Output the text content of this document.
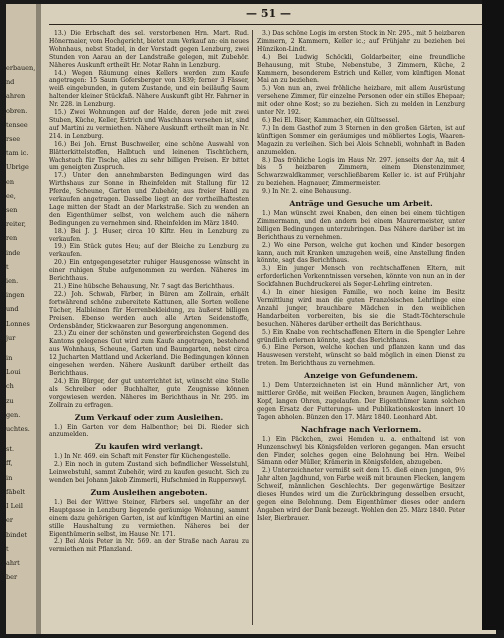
erbauen,
nd
ahren
obren.
tensee
rsee
tam ic.
Ubrige
en
ee,
sen
reiter,
ren
inde
t
ien.
ingen
und
Lonnes
jur
in
Loui
ch
zu
gen.
uchtes.
st.
ff,
in
fäbelt
I Leil
er
bindet
t
ahrt
ber
— 51 —
13.) Die Erbschaft des sel. verstorbenen Hrn. Mart. Rud. Hönermaier, vom Hochgericht, bietet zum Verkauf an: ein neues Wohnhaus, nebst Stadel, in der Vorstadt gegen Lenzburg, zwei Stunden von Aarau an der Landstraße gelegen, mit Zubehör. Näheres Auskunft ertheilt Hr. Notar Rahn in Lenzburg.
14.) Wegen Räumung eines Kellers werden zum Kaufe angetragen: 15 Saum Gofersberger von 1839; ferner 3 Fässer, weiß eingebunden, in gutem Zustande, und ein beiläufig Saum haltender kleiner Stückfaß. Nähere Auskunft gibt Hr. Fahrner in Nr. 228. in Lenzburg.
15.) Zwei Wohnungen auf der Halde, deren jede mit zwei Stuben, Küche, Keller, Estrich und Waschhaus versehen ist, sind auf Martini zu vermiethen. Nähere Auskunft ertheilt man in Nr. 214. in Lenzburg.
16.) Bei Joh. Ernst Buschweiler, eine schöne Auswahl von Blätterkittelstoffen, Halbtuch und leinenen Tischtüchern, Wachstuch für Tische, alles zu sehr billigen Preisen. Er bittet um geneigten Zuspruch.
17.) Unter den annehmbarsten Bedingungen wird das Wirthshaus zur Sonne in Rheinfelden mit Stallung für 12 Pferde, Scheune, Garten und Zubehör, aus freier Hand zu verkaufen angetragen. Dasselbe liegt an der vortheilhaftesten Lage mitten der Stadt an der Markstraße. Sich zu wenden an den Eigenthümer selbst, von welchem auch die nähern Bedingungen zu vernehmen sind. Rheinfelden im März 1840.
18.) Bei J. J. Huser, circa 10 Klftr. Heu in Lenzburg zu verkaufen.
19.) Ein Stück gutes Heu; auf der Bleiche zu Lenzburg zu verkaufen.
20.) Ein entgegengesetzter ruhiger Hausgenosse wünscht in einer ruhigen Stube aufgenommen zu werden. Näheres im Berichthaus.
21.) Eine hübsche Behausung, Nr. 7 sagt das Berichthaus.
22.) Joh. Schwab, Färber, in Büren am Zollrain, erhält fortwährend schöne zubereitete Kattunen, alle Sorten wollene Tücher, Halbleinen für Herrenbekleidung, zu äußerst billigen Preisen. Ebenso werden auch alle Arten Seidenstoffe, Ordensbänder, Stickwaaren zur Besorgung angenommen.
23.) Zu einer der schönsten und gewerbreichsten Gegend des Kantons gelegenes Gut wird zum Kaufe angetragen, bestehend aus Wohnhaus, Scheune, Garten und Baumgarten, nebst circa 12 Jucharten Mattland und Ackerland. Die Bedingungen können eingesehen werden. Nähere Auskunft darüber ertheilt das Berichthaus.
24.) Ein Bürger, der gut unterrichtet ist, wünscht eine Stelle als Schreiber oder Buchhalter, gute Zeugnisse können vorgewiesen werden. Näheres im Berichthaus in Nr. 295. im Zollrain zu erfragen.
Zum Verkauf oder zum Ausleihen.
1.) Ein Garten vor dem Halbenthor; bei Di. Rieder sich anzumelden.
Zu kaufen wird verlangt.
1.) In Nr. 469. ein Schaft mit Fenster für Küchengestelle.
2.) Ein noch in gutem Zustand sich befindlicher Wesselstuhl, Leinwebstuhl, sammt Zubehör, wird zu kaufen gesucht. Sich zu wenden bei Johann Jakob Zimmerli, Hufschmied in Rupperswyl.
Zum Ausleihen angeboten.
1.) Bei der Wittwe Steiner, Färbers sel. ungefähr an der Hauptgasse in Lenzburg liegende geräumige Wohnung, sammt einem dazu gehörigen Garten, ist auf künftigen Martini an eine stille Haushaltung zu vermiethen. Näheres bei der Eigenthümerin selbst, im Hause Nr. 171.
2.) Bei Alois Peter in Nr. 569. an der Straße nach Aarau zu vermiethen mit Pflanzland.
3.) Das schöne Logis im ersten Stock in Nr. 295., mit 5 heizbaren Zimmern, 2 Kammern, Keller ic.; auf Frühjahr zu beziehen bei Hünzikon-Lindt.
4.) Bei Ludwig Schöckli, Goldarbeiter, eine freundliche Behausung, mit Stube, Nebenstube, 3 Zimmern, Küche, 2 Kammern, besonderem Estrich und Keller, vom künftigen Monat Mai an zu beziehen.
5.) Von nun an, zwei fröhliche heizbare, mit allem Ausrüstung versehene Zimmer, für einzelne Personen oder ein stilles Ehepaar; mit oder ohne Kost; so zu beziehen. Sich zu melden in Lenzburg unter Nr. 192.
6.) Bei El. Riser, Kammacher, ein Gültsessel.
7.) In dem Gasthof zum 3 Sternen in den großen Gärten, ist auf künftigen Sommer ein geräumiges und möbliertes Logis, Waaren-Magazin zu verleihen. Sich bei Alois Schnebli, wohnhaft in Baden anzumelden.
8.) Das fröhliche Logis im Haus Nr. 297. jenseits der Aa, mit 4 bis 5 heizbaren Zimmern, einem Dienstenzimmer, Schwarzwaldkammer, verschließbarem Keller ic. ist auf Frühjahr zu beziehen. Hagnauer, Zimmermeister.
9.) In Nr. 2. eine Behausung.
Anträge und Gesuche um Arbeit.
1.) Man wünscht zwei Knaben, den einen bei einem tüchtigen Zimmermann, und den andern bei einem Maurermeister, unter billigen Bedingungen unterzubringen. Das Nähere darüber ist im Berichthaus zu vernehmen.
2.) Wo eine Person, welche gut kochen und Kinder besorgen kann, auch mit Kranken umzugehen weiß, eine Anstellung finden könnte, sagt das Berichthaus.
3.) Ein junger Mensch von rechtschaffenen Eltern, mit erforderlichen Vorkenntnissen versehen, könnte von nun an in der Sockfahnen Buchdruckerei als Seger-Lehrling eintreten.
4.) In einer hiesigen Familie, wo noch keine im Besitz Vermittlung wird man die guten Französischen Lehrlinge eine Anzahl junger, brauchbare Mädchen in den weiblichen Handarbeiten vorbereiten, bis sie die Stadt-Töchterschule besuchen. Näheres darüber ertheilt das Berichthaus.
5.) Ein Knabe von rechtschaffenen Eltern in die Spengler Lehre gründlich erlernen könnte, sagt das Berichthaus.
6.) Eine Person, welche kochen und pflanzen kann und das Hauswesen versteht, wünscht so bald möglich in einen Dienst zu treten. Im Berichthaus zu vernehmen.
Anzeige von Gefundenem.
1.) Dem Unterzeichneten ist ein Hund männlicher Art, von mittlerer Größe, mit weißen Flecken, braunen Augen, länglichem Kopf, langen Ohren, zugelaufen. Der Eigenthümer kann solchen gegen Ersatz der Futterungs- und Publikationskosten innert 10 Tagen abholen. Bünzen den 17. März 1840. Leonhard Abt.
Nachfrage nach Verlornem.
1.) Ein Päckchen, zwei Hemden u. a. enthaltend ist von Hunzenschwyl bis Königsfelden verloren gegangen. Man ersucht den Finder, solches gegen eine Belohnung bei Hrn. Weibel Sämann oder Müller, Krämerin in Königsfelden, abzugeben.
2.) Unterzeichneter vermißt seit dem 15. dieß einen jungen, 9½ Jahr alten Jagdhund, von Farbe weiß mit braunen Flecken, langem Schweif, männlichen Geschlechts. Der gegenwärtige Besitzer dieses Hundes wird um die Zurückbringung desselben ersucht, gegen eine Belohnung. Dem Eigenthümer dieses oder andern Angaben wird der Dank bezeugt. Wohlen den 25. März 1840. Peter Isler, Bierbrauer.
